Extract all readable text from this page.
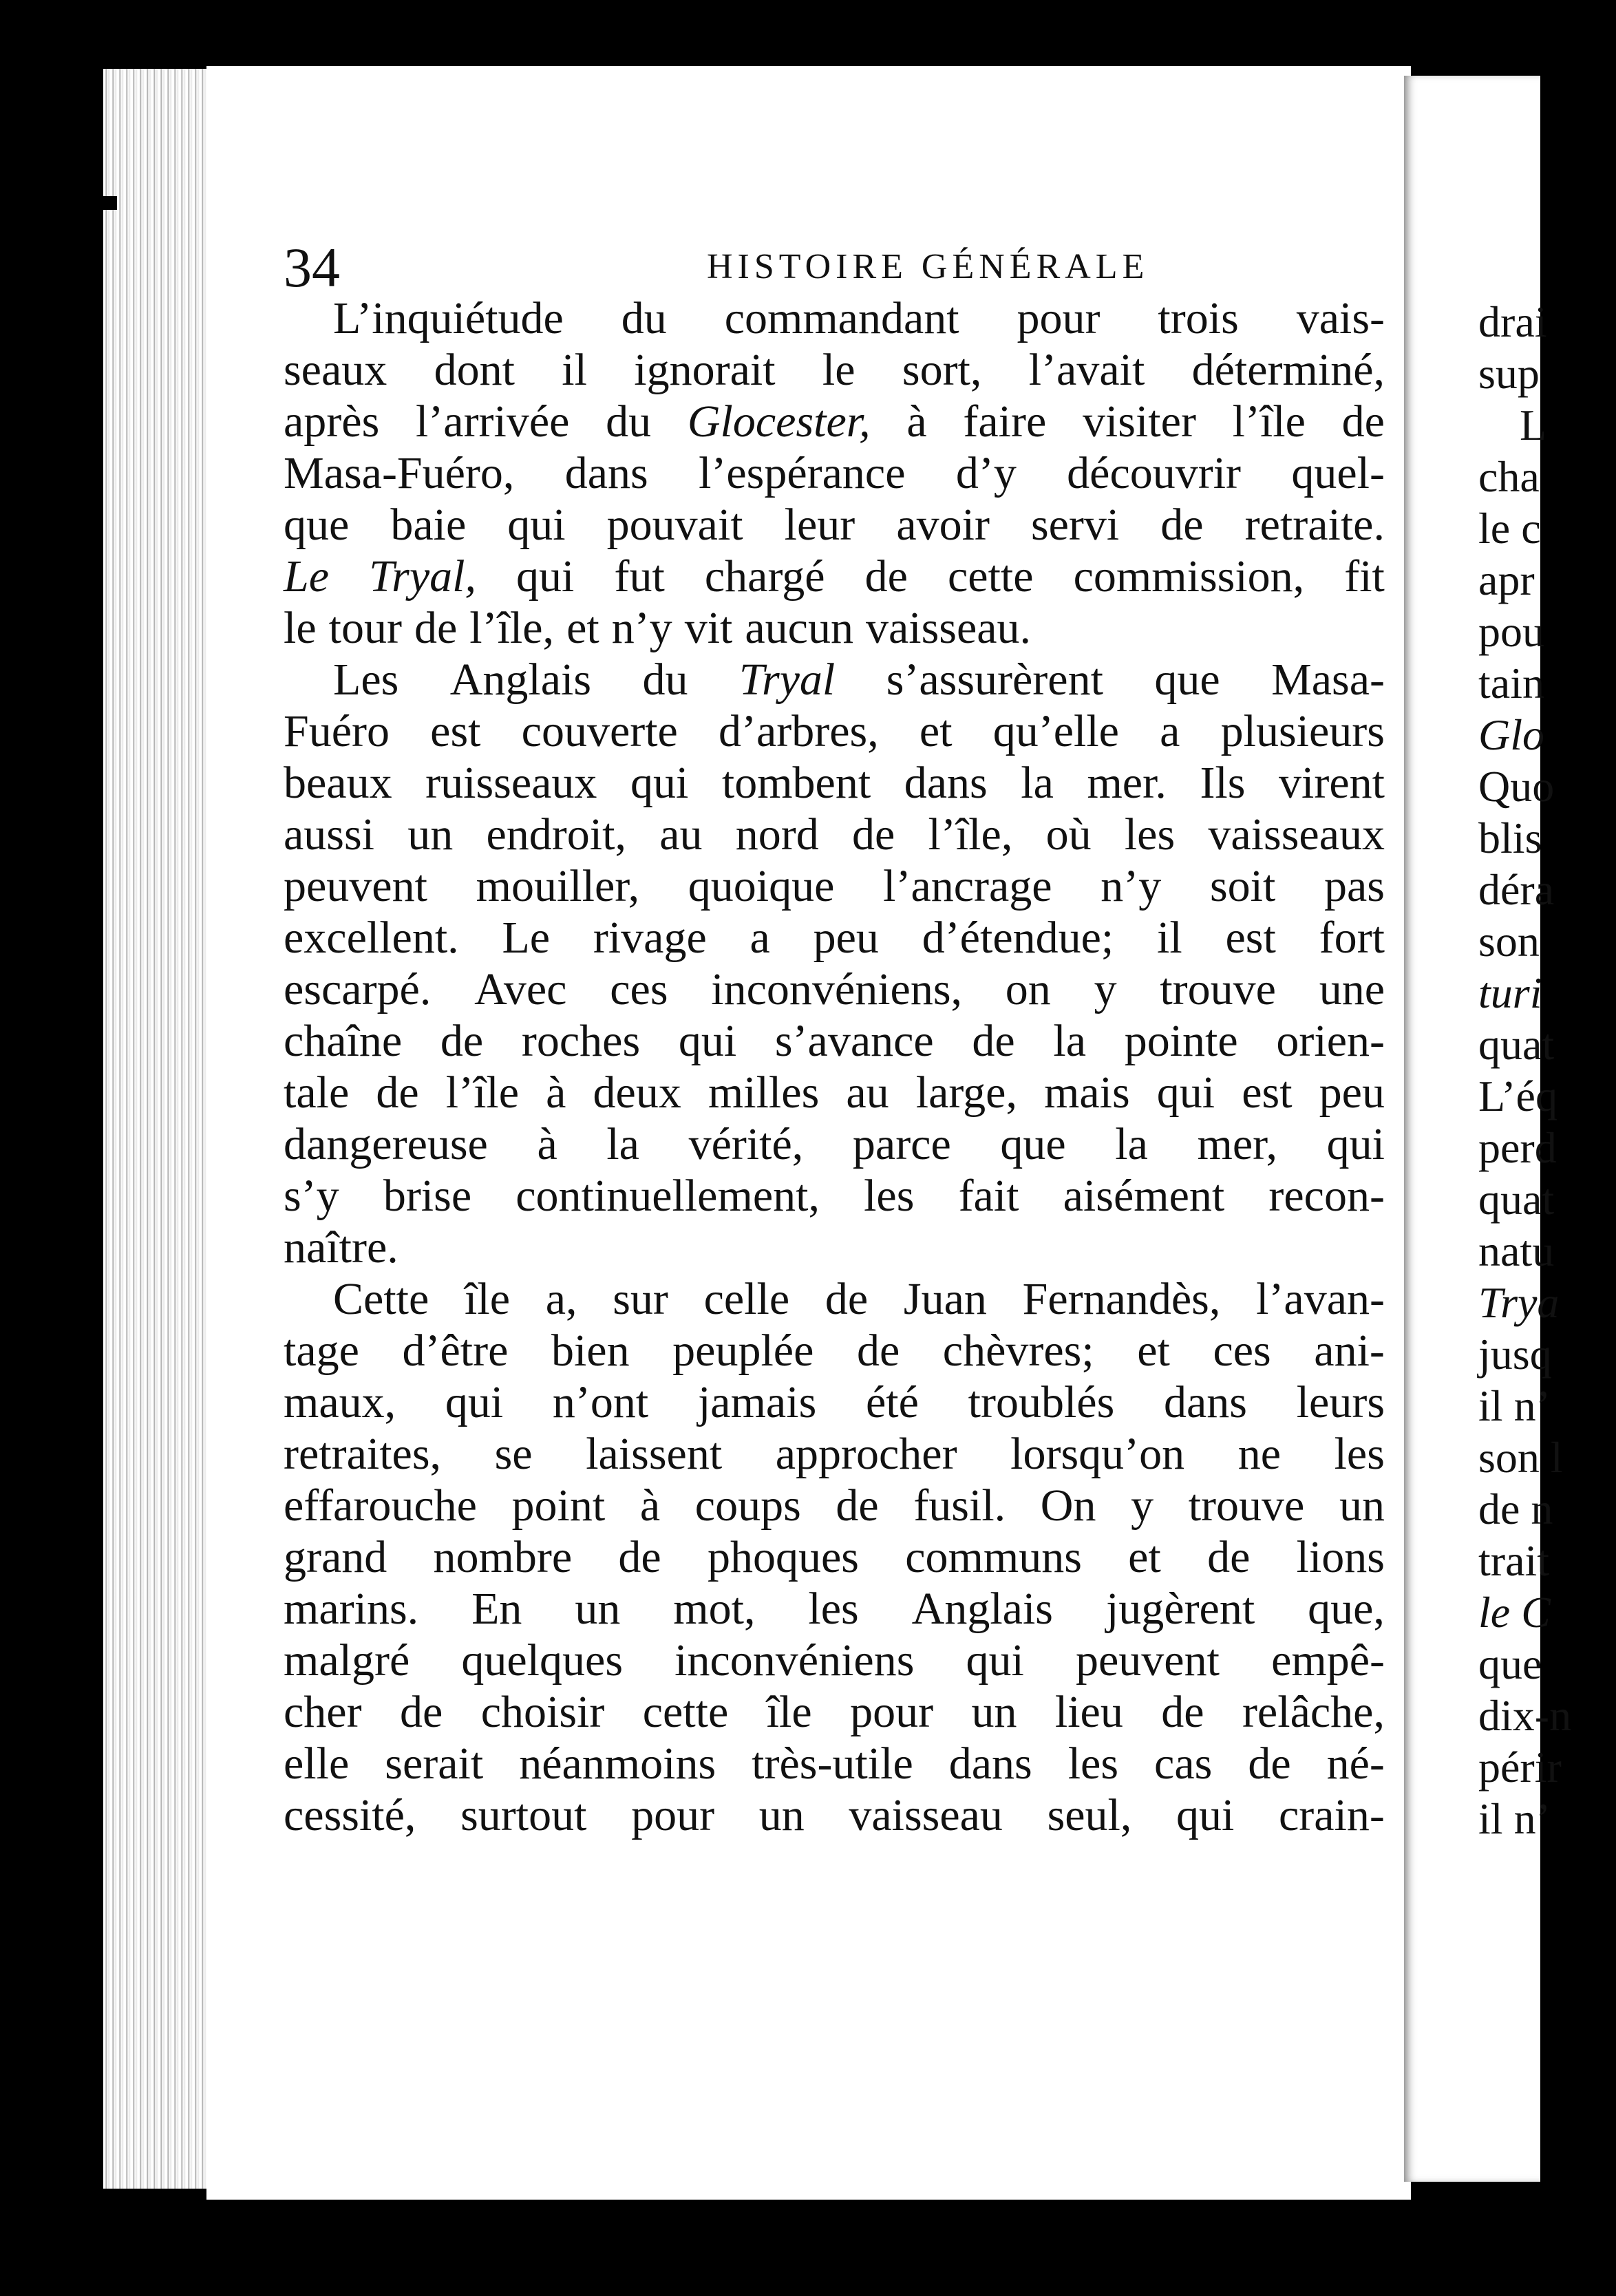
34	HISTOIRE GÉNÉRALE
L’inquiétude du commandant pour trois vais-
seaux dont il ignorait le sort, l’avait déterminé,
après l’arrivée du Glocester, à faire visiter l’île de
Masa-Fuéro, dans l’espérance d’y découvrir quel-
que baie qui pouvait leur avoir servi de retraite.
Le Tryal, qui fut chargé de cette commission, fit
le tour de l’île, et n’y vit aucun vaisseau.
Les Anglais du Tryal s’assurèrent que Masa-
Fuéro est couverte d’arbres, et qu’elle a plusieurs
beaux ruisseaux qui tombent dans la mer. Ils virent
aussi un endroit, au nord de l’île, où les vaisseaux
peuvent mouiller, quoique l’ancrage n’y soit pas
excellent. Le rivage a peu d’étendue; il est fort
escarpé. Avec ces inconvéniens, on y trouve une
chaîne de roches qui s’avance de la pointe orien-
tale de l’île à deux milles au large, mais qui est peu
dangereuse à la vérité, parce que la mer, qui
s’y brise continuellement, les fait aisément recon-
naître.
Cette île a, sur celle de Juan Fernandès, l’avan-
tage d’être bien peuplée de chèvres; et ces ani-
maux, qui n’ont jamais été troublés dans leurs
retraites, se laissent approcher lorsqu’on ne les
effarouche point à coups de fusil. On y trouve un
grand nombre de phoques communs et de lions
marins. En un mot, les Anglais jugèrent que,
malgré quelques inconvéniens qui peuvent empê-
cher de choisir cette île pour un lieu de relâche,
elle serait néanmoins très-utile dans les cas de né-
cessité, surtout pour un vaisseau seul, qui crain-
drai
sup
L
cha
le c
apr
pou
tain
Glo
Quo
blis
déra
son
turi
quat
L’éq
perd
quat
natu
Trya
jusq
il n’
son l
de n
trait
le C
que
dix-n
périr
il n’
